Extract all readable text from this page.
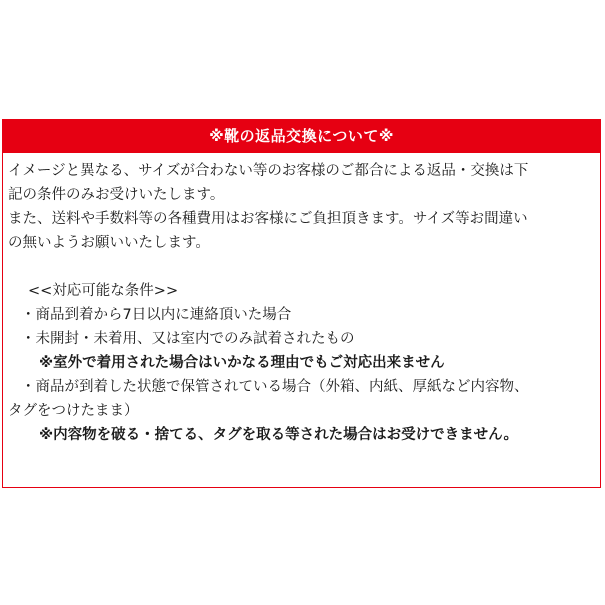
※靴の返品交換について※
イメージと異なる、サイズが合わない等のお客様のご都合による返品・交換は下
記の条件のみお受けいたします。
また、送料や手数料等の各種費用はお客様にご負担頂きます。サイズ等お間違い
の無いようお願いいたします。
<<対応可能な条件>>
・商品到着から7日以内に連絡頂いた場合
・未開封・未着用、又は室内でのみ試着されたもの
※室外で着用された場合はいかなる理由でもご対応出来ません
・商品が到着した状態で保管されている場合（外箱、内紙、厚紙など内容物、
タグをつけたまま）
※内容物を破る・捨てる、タグを取る等された場合はお受けできません。
